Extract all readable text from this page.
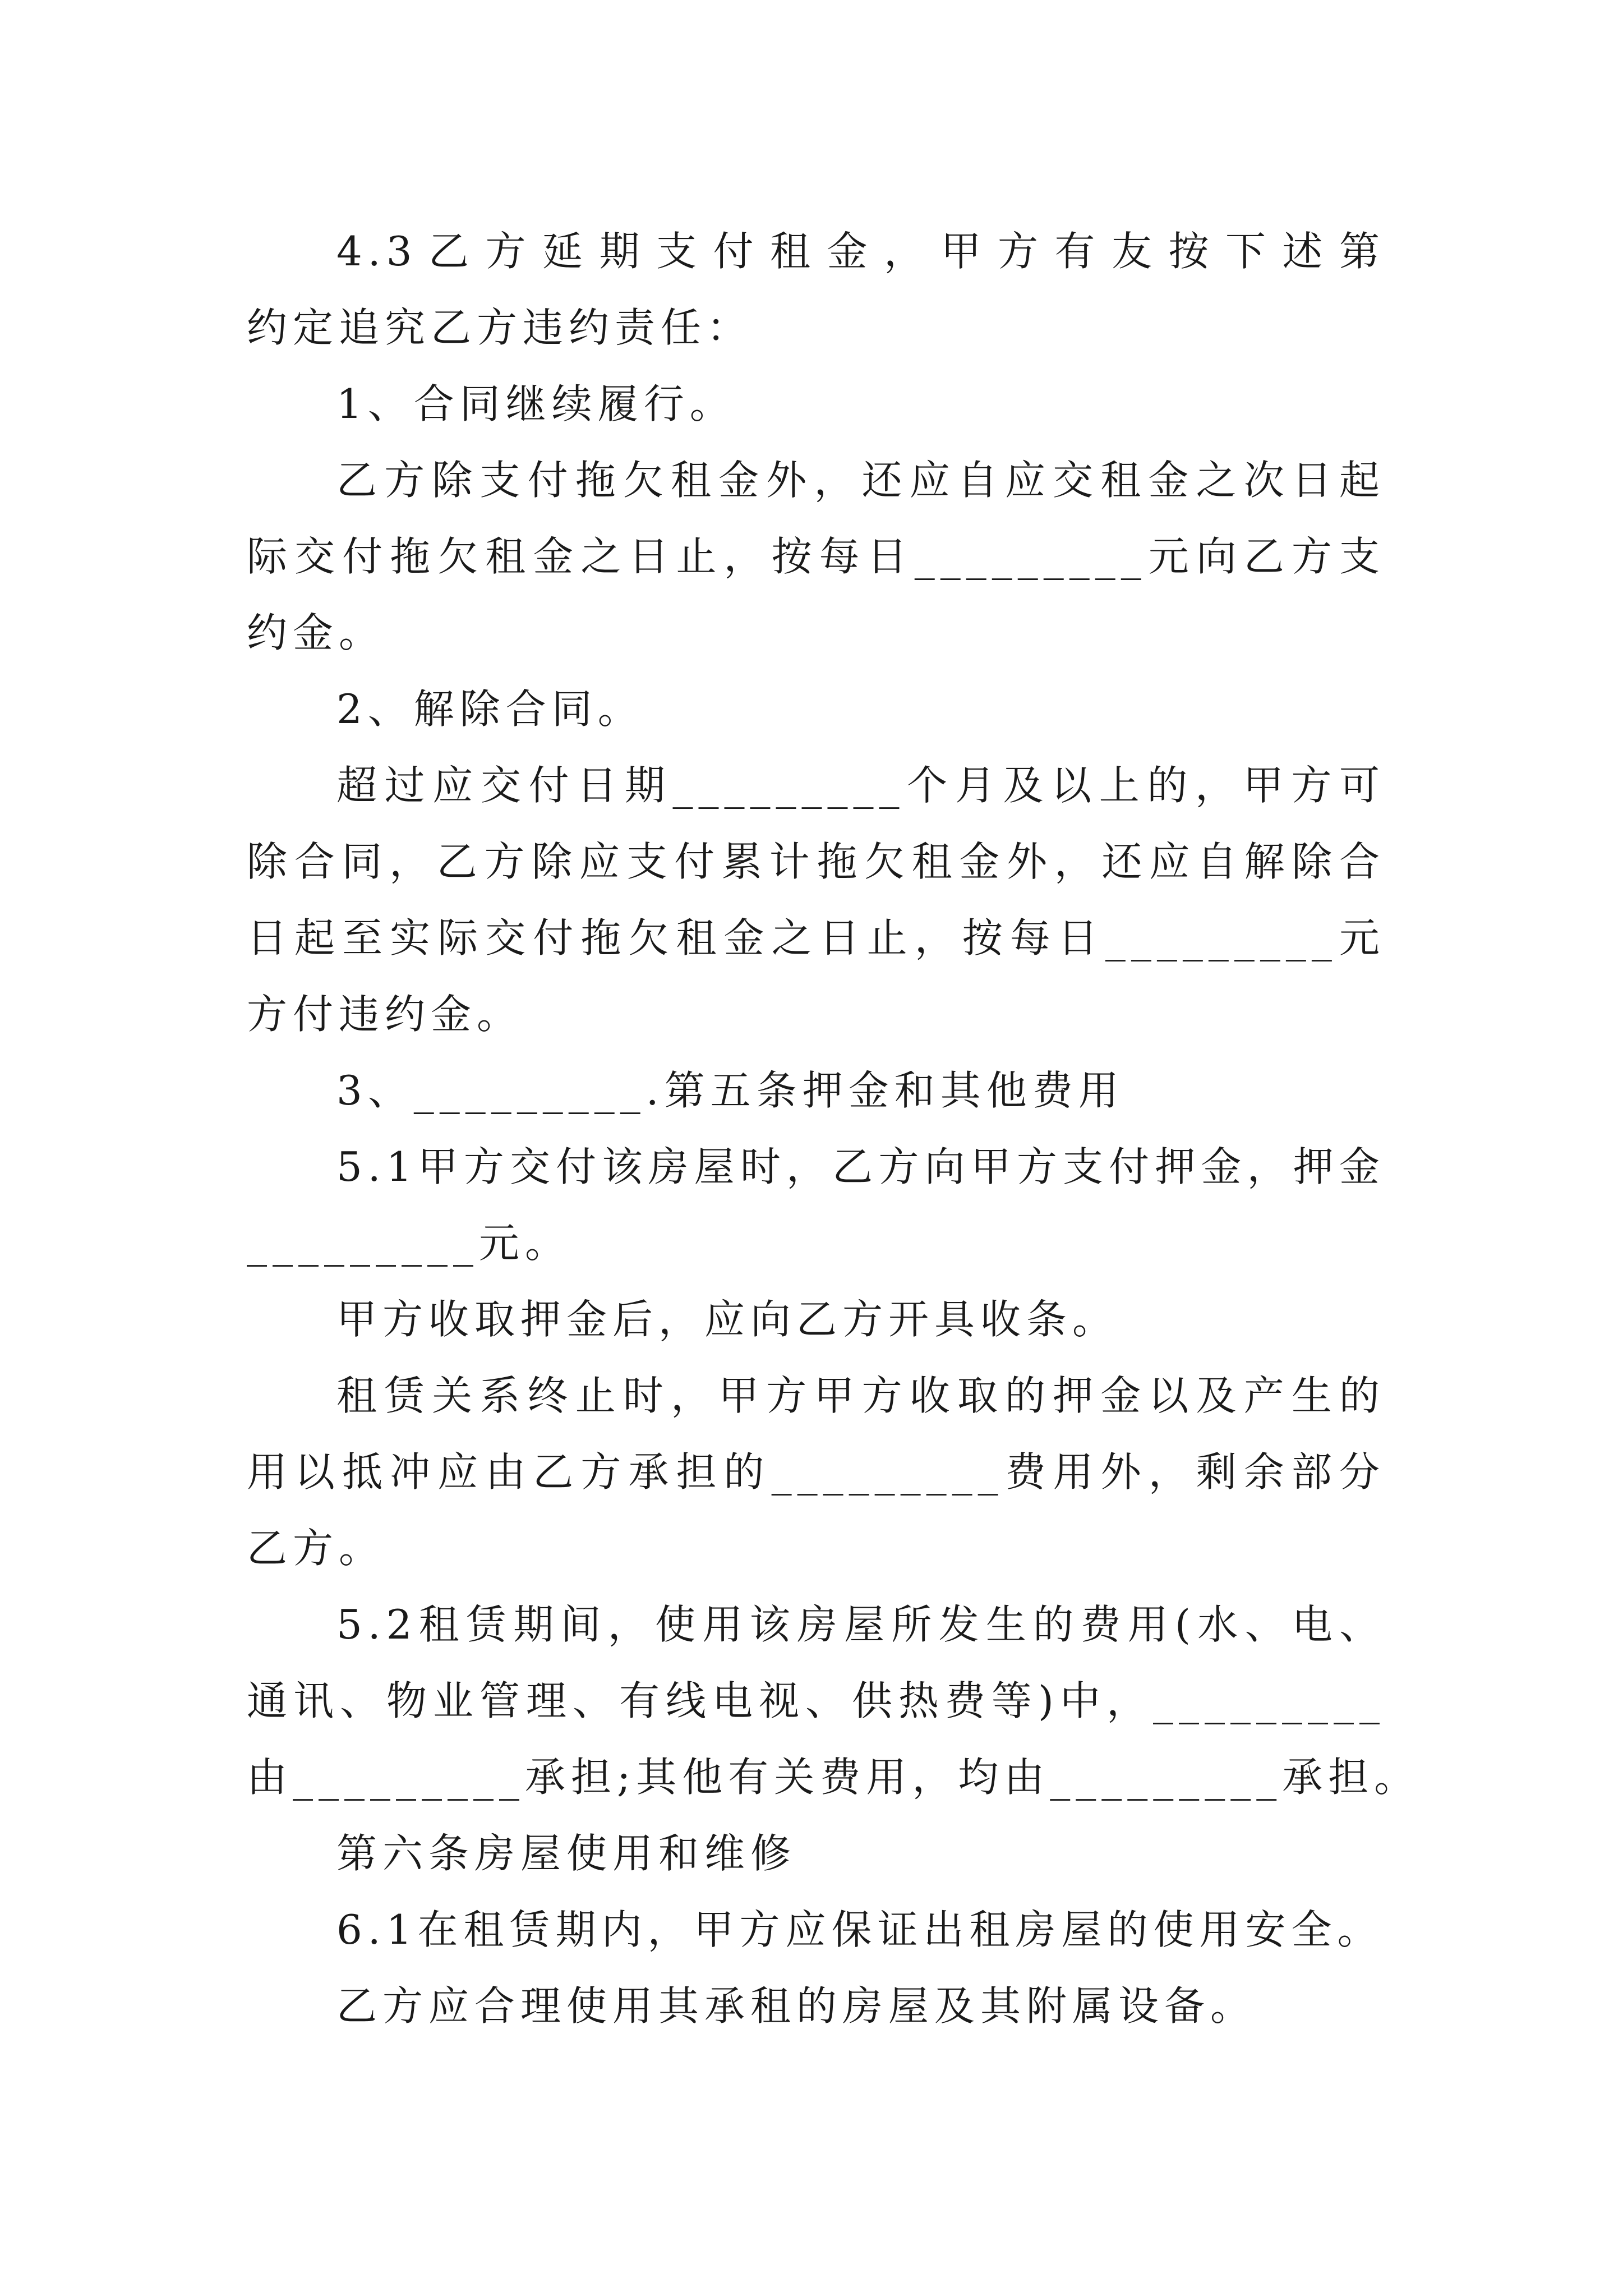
4.3乙方延期支付租金，甲方有友按下述第
约定追究乙方违约责任：
1、合同继续履行。
乙方除支付拖欠租金外，还应自应交租金之次日起
际交付拖欠租金之日止，按每日_________元向乙方支
约金。
2、解除合同。
超过应交付日期_________个月及以上的，甲方可
除合同，乙方除应支付累计拖欠租金外，还应自解除合
日起至实际交付拖欠租金之日止，按每日_________元
方付违约金。
3、_________.第五条押金和其他费用
5.1甲方交付该房屋时，乙方向甲方支付押金，押金
_________元。
甲方收取押金后，应向乙方开具收条。
租赁关系终止时，甲方甲方收取的押金以及产生的
用以抵冲应由乙方承担的_________费用外，剩余部分
乙方。
5.2租赁期间，使用该房屋所发生的费用(水、电、
通讯、物业管理、有线电视、供热费等)中，_________
由_________承担;其他有关费用，均由_________承担。
第六条房屋使用和维修
6.1在租赁期内，甲方应保证出租房屋的使用安全。
乙方应合理使用其承租的房屋及其附属设备。
